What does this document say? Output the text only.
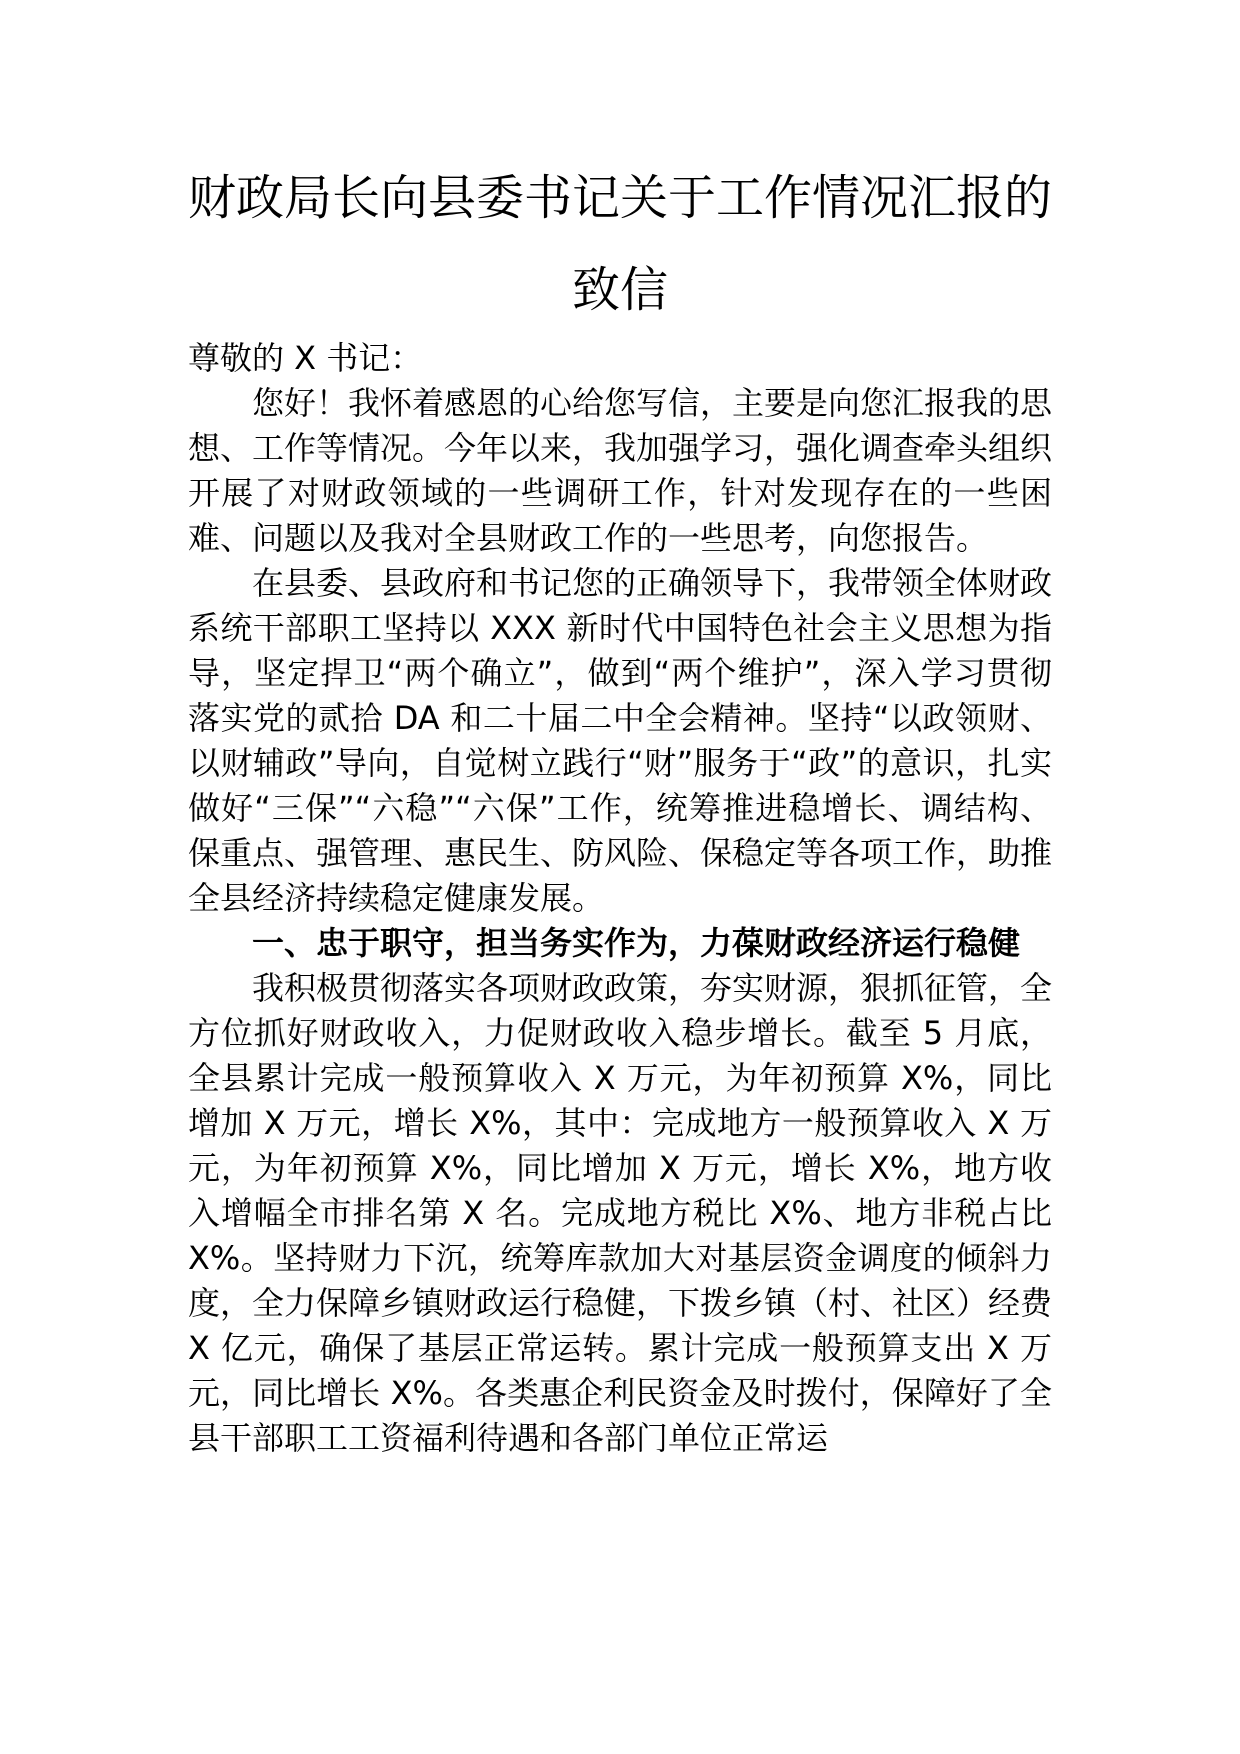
财政局长向县委书记关于工作情况汇报的
致信

尊敬的 X 书记：

您好！我怀着感恩的心给您写信，主要是向您汇报我的思想、工作等情况。今年以来，我加强学习，强化调查牵头组织开展了对财政领域的一些调研工作，针对发现存在的一些困难、问题以及我对全县财政工作的一些思考，向您报告。

在县委、县政府和书记您的正确领导下，我带领全体财政系统干部职工坚持以 XXX 新时代中国特色社会主义思想为指导，坚定捍卫“两个确立”，做到“两个维护”，深入学习贯彻落实党的贰拾 DA 和二十届二中全会精神。坚持“以政领财、以财辅政”导向，自觉树立践行“财”服务于“政”的意识，扎实做好“三保”“六稳”“六保”工作，统筹推进稳增长、调结构、保重点、强管理、惠民生、防风险、保稳定等各项工作，助推全县经济持续稳定健康发展。

一、忠于职守，担当务实作为，力葆财政经济运行稳健

我积极贯彻落实各项财政政策，夯实财源，狠抓征管，全方位抓好财政收入，力促财政收入稳步增长。截至 5 月底，全县累计完成一般预算收入 X 万元，为年初预算 X%，同比增加 X 万元，增长 X%，其中：完成地方一般预算收入 X 万元，为年初预算 X%，同比增加 X 万元，增长 X%，地方收入增幅全市排名第 X 名。完成地方税比 X%、地方非税占比 X%。坚持财力下沉，统筹库款加大对基层资金调度的倾斜力度，全力保障乡镇财政运行稳健，下拨乡镇（村、社区）经费 X 亿元，确保了基层正常运转。累计完成一般预算支出 X 万元，同比增长 X%。各类惠企利民资金及时拨付，保障好了全县干部职工工资福利待遇和各部门单位正常运
